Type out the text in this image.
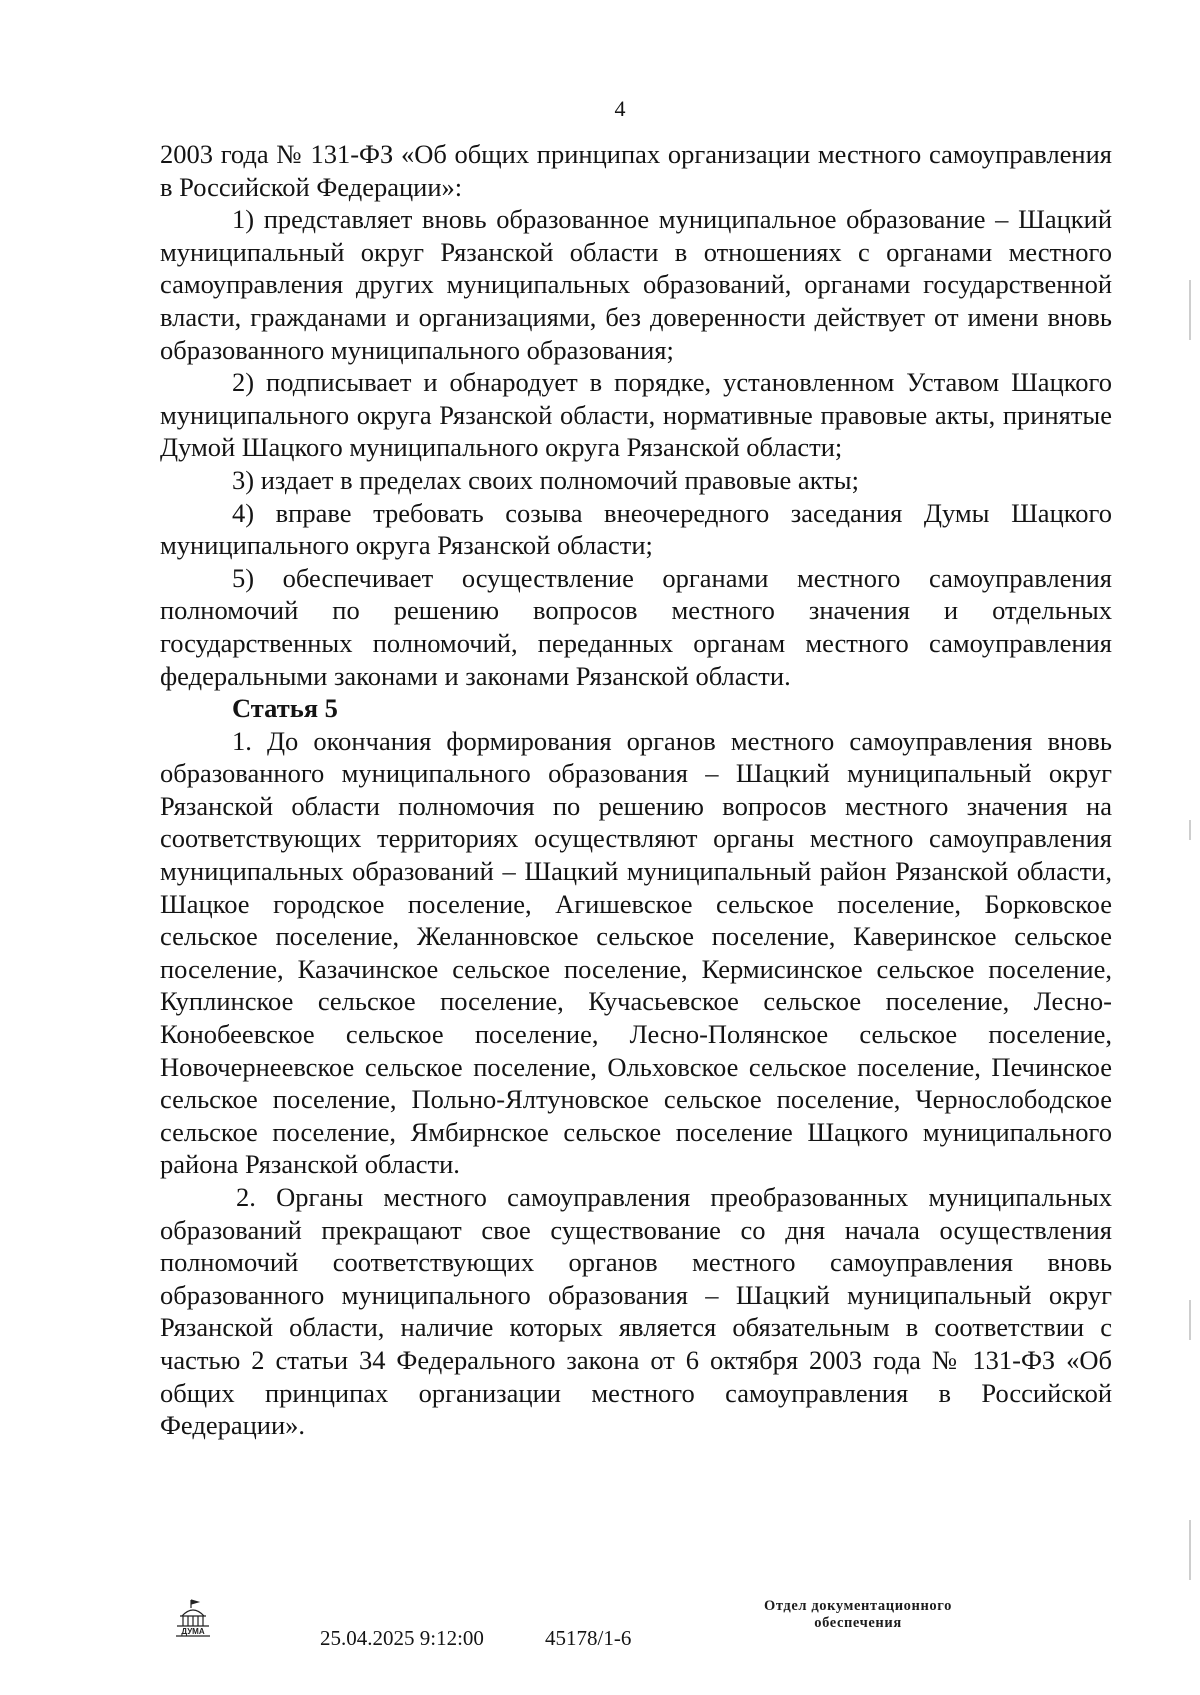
4

2003 года № 131-ФЗ «Об общих принципах организации местного самоуправления в Российской Федерации»:

1) представляет вновь образованное муниципальное образование – Шацкий муниципальный округ Рязанской области в отношениях с органами местного самоуправления других муниципальных образований, органами государственной власти, гражданами и организациями, без доверенности действует от имени вновь образованного муниципального образования;

2) подписывает и обнародует в порядке, установленном Уставом Шацкого муниципального округа Рязанской области, нормативные правовые акты, принятые Думой Шацкого муниципального округа Рязанской области;

3) издает в пределах своих полномочий правовые акты;

4) вправе требовать созыва внеочередного заседания Думы Шацкого муниципального округа Рязанской области;

5) обеспечивает осуществление органами местного самоуправления полномочий по решению вопросов местного значения и отдельных государственных полномочий, переданных органам местного самоуправления федеральными законами и законами Рязанской области.

Статья 5

1. До окончания формирования органов местного самоуправления вновь образованного муниципального образования – Шацкий муниципальный округ Рязанской области полномочия по решению вопросов местного значения на соответствующих территориях осуществляют органы местного самоуправления муниципальных образований – Шацкий муниципальный район Рязанской области, Шацкое городское поселение, Агишевское сельское поселение, Борковское сельское поселение, Желанновское сельское поселение, Каверинское сельское поселение, Казачинское сельское поселение, Кермисинское сельское поселение, Куплинское сельское поселение, Кучасьевское сельское поселение, Лесно-Конобеевское сельское поселение, Лесно-Полянское сельское поселение, Новочернеевское сельское поселение, Ольховское сельское поселение, Печинское сельское поселение, Польно-Ялтуновское сельское поселение, Чернослободское сельское поселение, Ямбирнское сельское поселение Шацкого муниципального района Рязанской области.

2. Органы местного самоуправления преобразованных муниципальных образований прекращают свое существование со дня начала осуществления полномочий соответствующих органов местного самоуправления вновь образованного муниципального образования – Шацкий муниципальный округ Рязанской области, наличие которых является обязательным в соответствии с частью 2 статьи 34 Федерального закона от 6 октября 2003 года № 131-ФЗ «Об общих принципах организации местного самоуправления в Российской Федерации».

ДУМА	25.04.2025 9:12:00	45178/1-6
Отдел документационного
обеспечения
